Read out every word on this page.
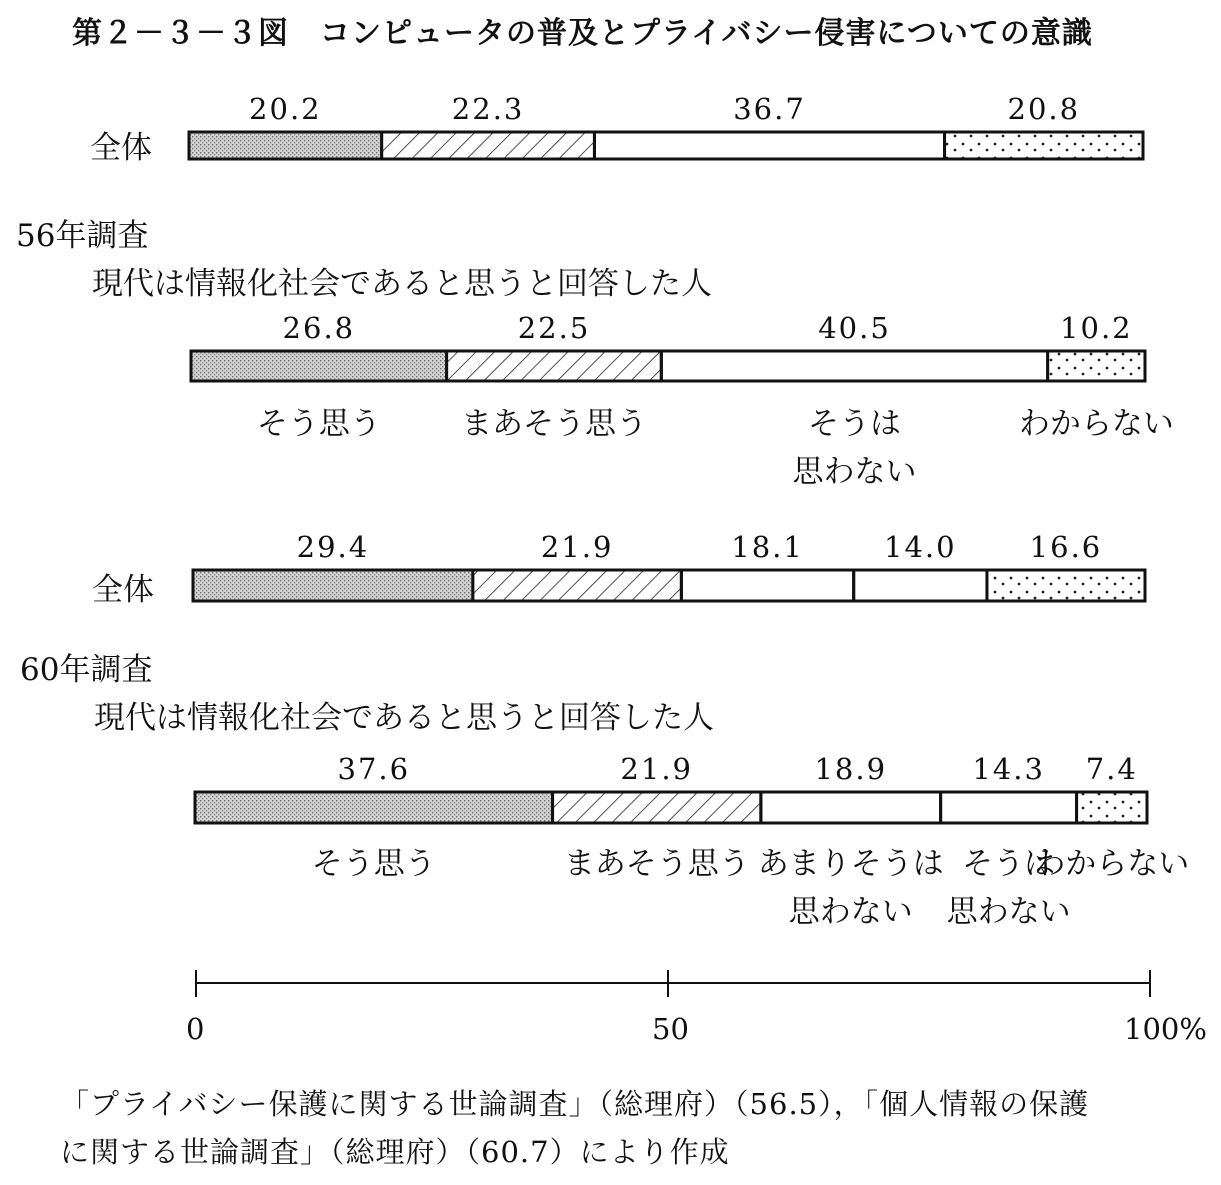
第２－３－３図　コンピュータの普及とプライバシー侵害についての意識
全体
56年調査
現代は情報化社会であると思うと回答した人
全体
60年調査
現代は情報化社会であると思うと回答した人
20.2	22.3	36.7	20.8
26.8	22.5	40.5	10.2
29.4	21.9	18.1	14.0	16.6
37.6	21.9	18.9	14.3 7.4
そう思う	まあそう思う	そうは
思わない
わからない
そう思う	まあそう思う あまりそうは
思わない
そうは
思わない
わからない
0	50	100%
「プライバシー保護に関する世論調査」（総理府）（56.5），「個人情報の保護
に関する世論調査」（総理府）（60.7）により作成
